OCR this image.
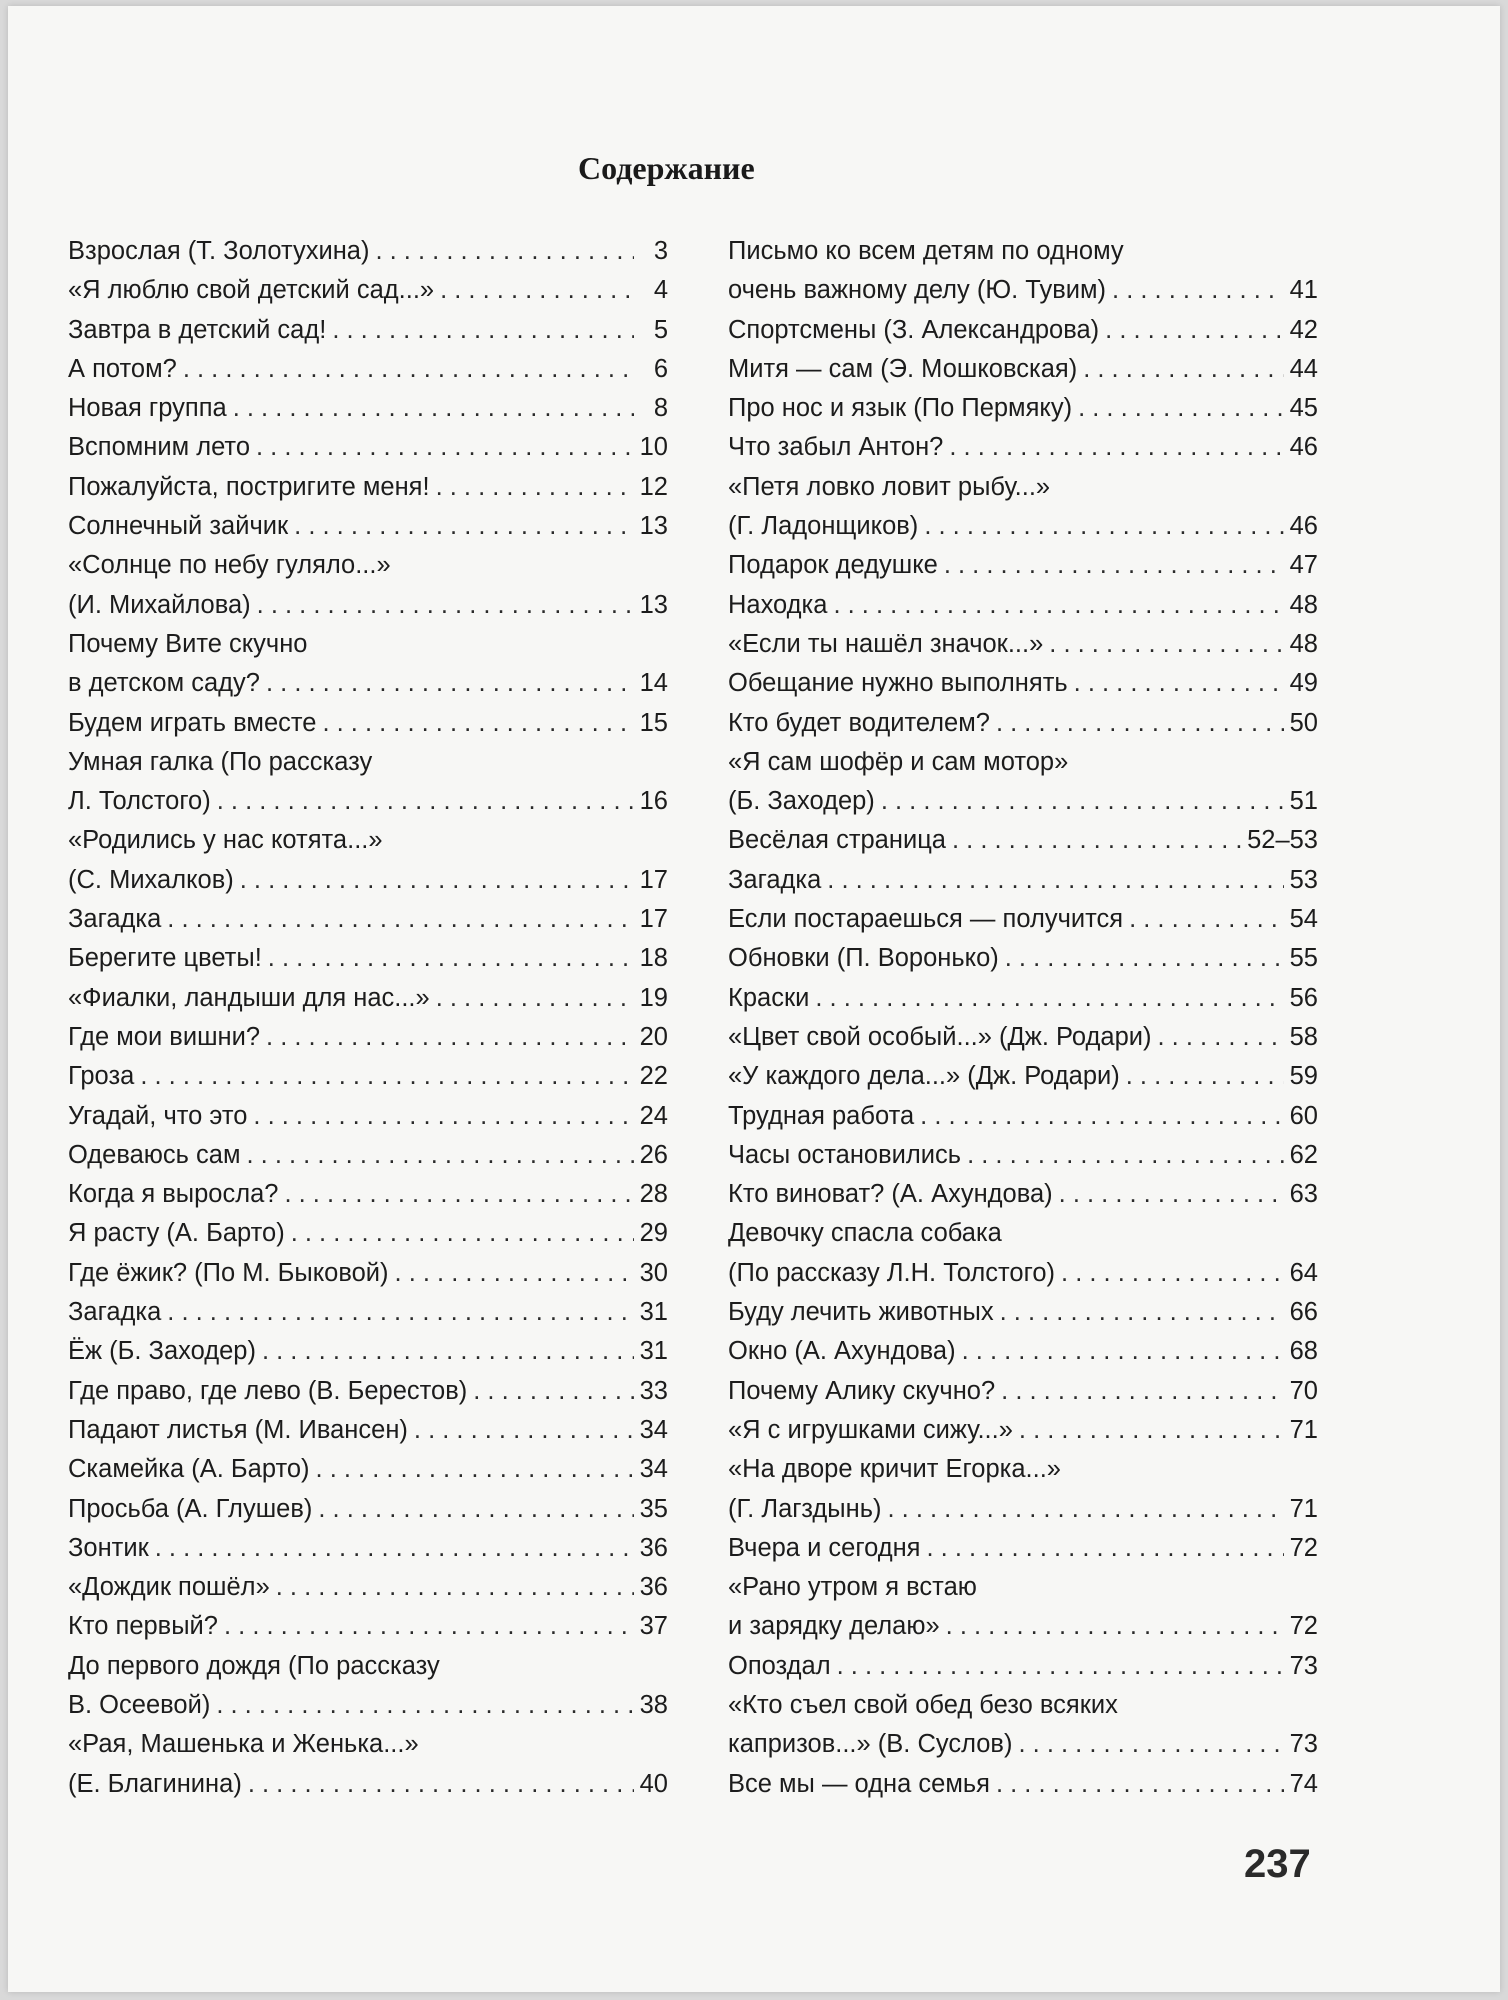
Содержание
Взрослая (Т. Золотухина) . . .	3
«Я люблю свой детский сад...» . . .	4
Завтра в детский сад! . . .	5
А потом? . . .	6
Новая группа . . .	8
Вспомним лето . . .	10
Пожалуйста, постригите меня! . . .	12
Солнечный зайчик . . .	13
«Солнце по небу гуляло...»
(И. Михайлова) . . .	13
Почему Вите скучно
в детском саду? . . .	14
Будем играть вместе . . .	15
Умная галка (По рассказу
Л. Толстого) . . .	16
«Родились у нас котята...»
(С. Михалков) . . .	17
Загадка . . .	17
Берегите цветы! . . .	18
«Фиалки, ландыши для нас...» . . .	19
Где мои вишни? . . .	20
Гроза . . .	22
Угадай, что это . . .	24
Одеваюсь сам . . .	26
Когда я выросла? . . .	28
Я расту (А. Барто) . . .	29
Где ёжик? (По М. Быковой) . . .	30
Загадка . . .	31
Ёж (Б. Заходер) . . .	31
Где право, где лево (В. Берестов) . . .	33
Падают листья (М. Ивансен) . . .	34
Скамейка (А. Барто) . . .	34
Просьба (А. Глушев) . . .	35
Зонтик . . .	36
«Дождик пошёл» . . .	36
Кто первый? . . .	37
До первого дождя (По рассказу
В. Осеевой) . . .	38
«Рая, Машенька и Женька...»
(Е. Благинина) . . .	40
Письмо ко всем детям по одному
очень важному делу (Ю. Тувим) . . .	41
Спортсмены (З. Александрова) . . .	42
Митя — сам (Э. Мошковская) . . .	44
Про нос и язык (По Пермяку) . . .	45
Что забыл Антон? . . .	46
«Петя ловко ловит рыбу...»
(Г. Ладонщиков) . . .	46
Подарок дедушке . . .	47
Находка . . .	48
«Если ты нашёл значок...» . . .	48
Обещание нужно выполнять . . .	49
Кто будет водителем? . . .	50
«Я сам шофёр и сам мотор»
(Б. Заходер) . . .	51
Весёлая страница . . .	52–53
Загадка . . .	53
Если постараешься — получится . . .	54
Обновки (П. Воронько) . . .	55
Краски . . .	56
«Цвет свой особый...» (Дж. Родари) . . .	58
«У каждого дела...» (Дж. Родари) . . .	59
Трудная работа . . .	60
Часы остановились . . .	62
Кто виноват? (А. Ахундова) . . .	63
Девочку спасла собака
(По рассказу Л.Н. Толстого) . . .	64
Буду лечить животных . . .	66
Окно (А. Ахундова) . . .	68
Почему Алику скучно? . . .	70
«Я с игрушками сижу...» . . .	71
«На дворе кричит Егорка...»
(Г. Лагздынь) . . .	71
Вчера и сегодня . . .	72
«Рано утром я встаю
и зарядку делаю» . . .	72
Опоздал . . .	73
«Кто съел свой обед безо всяких
капризов...» (В. Суслов) . . .	73
Все мы — одна семья . . .	74
237
